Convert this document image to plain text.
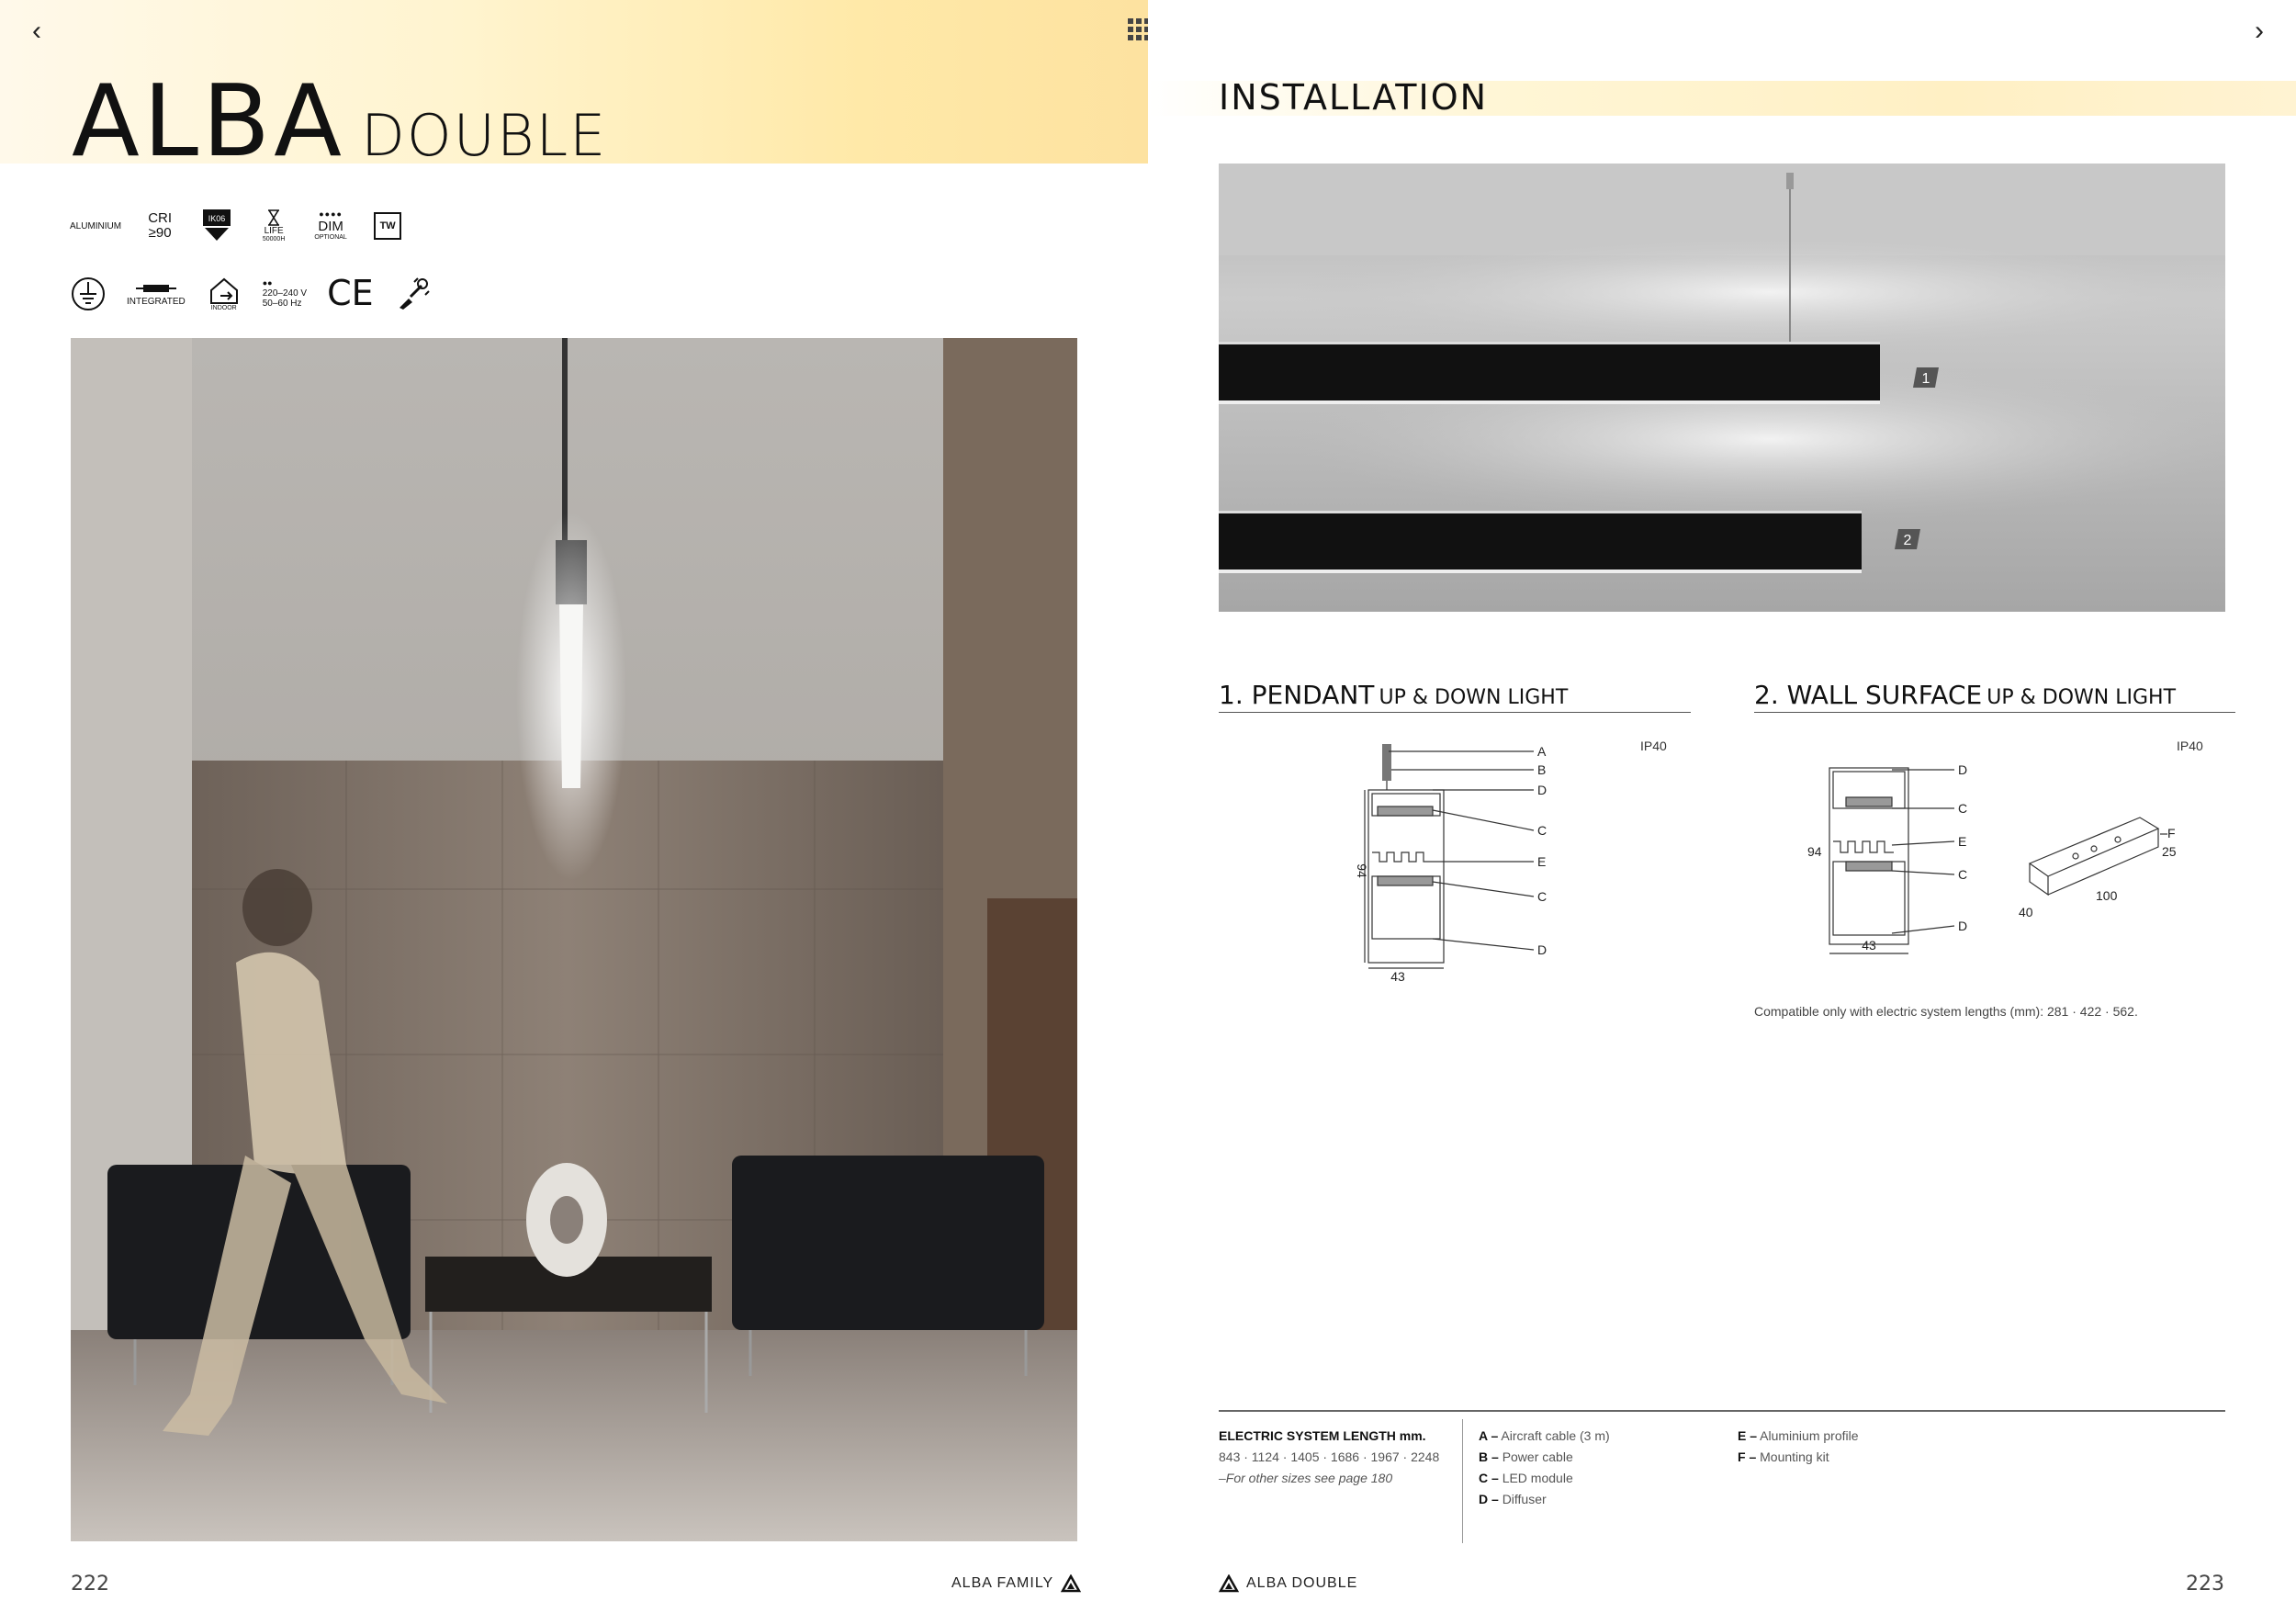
‹
ALBA DOUBLE
ALUMINIUM
CRI
≥90
IK06
LIFE
50000H
●●●●
DIM
OPTIONAL
TW
INTEGRATED
INDOOR
●●
220–240 V
50–60 Hz CE
222	ALBA FAMILY
INSTALLATION
›
1
2
1. PENDANT UP & DOWN LIGHT	2. WALL SURFACE UP & DOWN LIGHT
IP40	IP40
A
B
D
C
E
C
D
43
94
D
C
E
C
D
43
94
F
25
100
40
Compatible only with electric system lengths (mm): 281 · 422 · 562.
ELECTRIC SYSTEM LENGTH mm.
843 · 1124 · 1405 · 1686 · 1967 · 2248
–For other sizes see page 180
A – Aircraft cable (3 m)
B – Power cable
C – LED module
D – Diffuser
E – Aluminium profile
F – Mounting kit
ALBA DOUBLE	223
